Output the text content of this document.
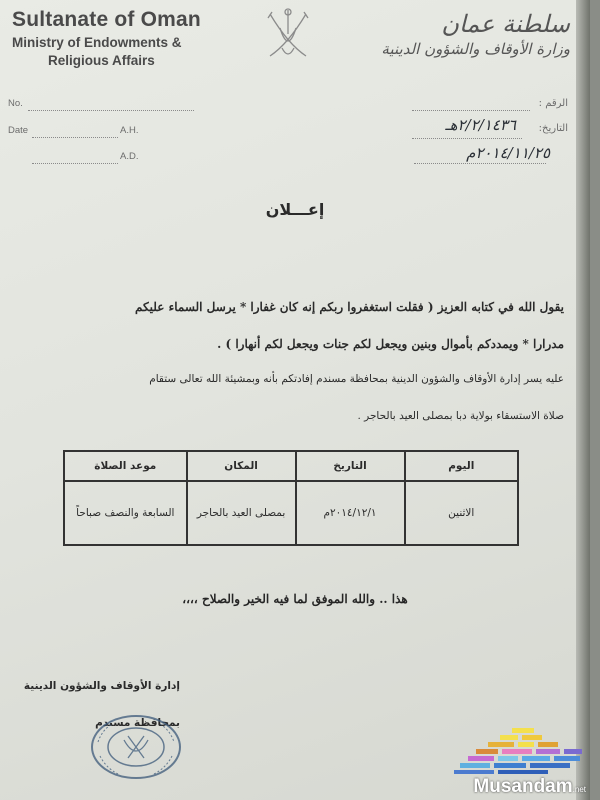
Sultanate of Oman
Ministry of Endowments &
Religious Affairs
سلطنة عمان
وزارة الأوقاف والشؤون الدينية
No.
Date	A.H.
A.D.
الرقم :
التاريخ:
٢/٢/١٤٣٦هـ
٢٠١٤/١١/٢٥م
إعـــلان
يقول الله في كتابه العزيز ( فقلت استغفروا ربكم إنه كان غفارا * يرسل السماء عليكم
مدرارا * ويمددكم بأموال وبنين ويجعل لكم جنات ويجعل لكم أنهارا ) .
عليه يسر إدارة الأوقاف والشؤون الدينية بمحافظة مسندم إفادتكم بأنه وبمشيئة الله تعالى ستقام
صلاة الاستسقاء بولاية دبا بمصلى العيد بالحاجر .
اليوم	التاريخ	المكان	موعد الصلاة
الاثنين	٢٠١٤/١٢/١م	بمصلى العيد بالحاجر	السابعة والنصف صباحاً
هذا .. والله الموفق لما فيه الخير والصلاح ،،،،
إدارة الأوقاف والشؤون الدينية
بمحافظة مسندم
Musandam.net
